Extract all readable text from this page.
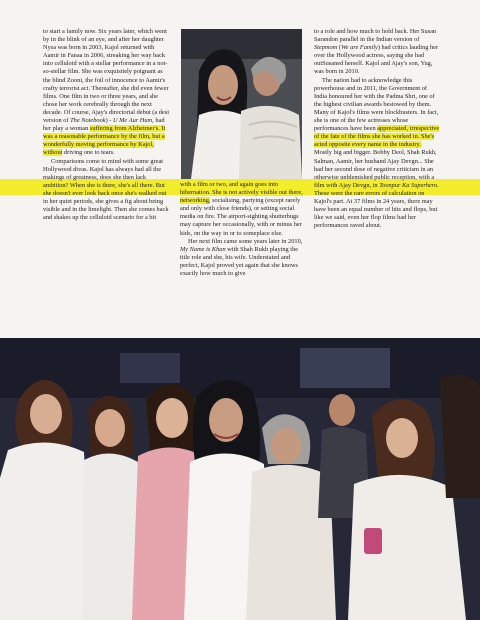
to start a family now. Six years later, which went by in the blink of an eye, and after her daughter Nysa was born in 2003, Kajol returned with Aamir in Fanaa in 2006, streaking her way back into celluloid with a stellar performance in a not-so-stellar film. She was exquisitely poignant as the blind Zooni, the foil of innocence to Aamir's crafty terrorist act. Thereafter, she did even fewer films. One film in two or three years, and she chose her work cerebrally through the next decade. Of course, Ajay's directorial debut (a desi version of The Notebook) - U Me Aur Hum, had her play a woman suffering from Alzheimer's. It was a reasonable performance by the film, but a wonderfully moving performance by Kajol, without driving one to tears.

Comparisons come to mind with some great Hollywood divas. Kajol has always had all the makings of greatness, does she then lack ambition? When she is there, she's all there. But she doesn't ever look back once she's walked out in her quiet periods, she gives a fig about being visible and in the limelight. Then she comes back and shakes up the celluloid scenario for a bit

with a film or two, and again goes into hibernation. She is not actively visible out there, networking, socialising, partying (except rarely and only with close friends), or setting social media on fire. The airport-sighting shutterbugs may capture her occasionally, with or minus her kids, on the way in or to someplace else.

Her next film came some years later in 2010, My Name is Khan with Shah Rukh playing the title role and she, his wife. Understated and perfect, Kajol proved yet again that she knows exactly how much to give

to a role and how much to hold back. Her Susan Sarandon parallel in the Indian version of Stepmom (We are Family) had critics lauding her over the Hollywood actress, saying she had outSusaned herself. Kajol and Ajay's son, Yug, was born in 2010.

The nation had to acknowledge this powerhouse and in 2011, the Government of India honoured her with the Padma Shri, one of the highest civilian awards bestowed by them. Many of Kajol's films were blockbusters. In fact, she is one of the few actresses whose performances have been appreciated, irrespective of the fate of the films she has worked in. She's acted opposite every name in the industry. Mostly big and bigger. Bobby Deol, Shah Rukh, Salman, Aamir, her husband Ajay Devgn... She had her second dose of negative criticism in an otherwise unblemished public reception, with a film with Ajay Devgn, in Toonpur Ka Superhero. These were the rare errors of calculation on Kajol's part. At 37 films in 24 years, there may have been an equal number of hits and flops, but like we said, even her flop films had her performances raved about.
